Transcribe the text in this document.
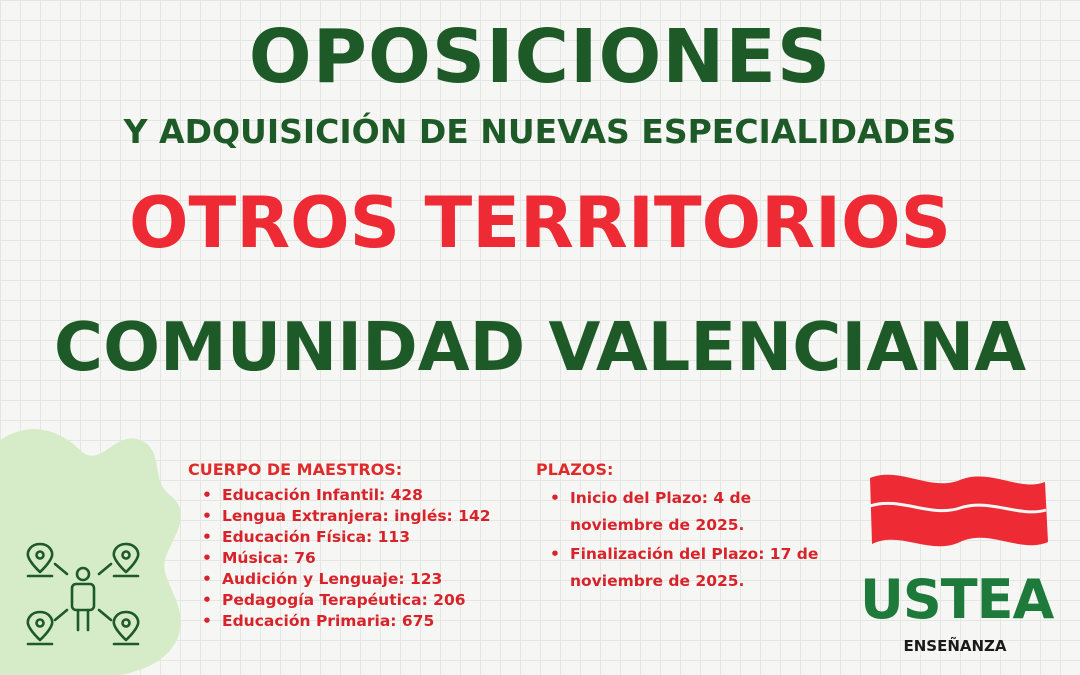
OPOSICIONES
Y ADQUISICIÓN DE NUEVAS ESPECIALIDADES
OTROS TERRITORIOS
COMUNIDAD VALENCIANA
CUERPO DE MAESTROS:
• Educación Infantil: 428
• Lengua Extranjera: inglés: 142
• Educación Física: 113
• Música: 76
• Audición y Lenguaje: 123
• Pedagogía Terapéutica: 206
• Educación Primaria: 675
PLAZOS:
• Inicio del Plazo: 4 de noviembre de 2025.
• Finalización del Plazo: 17 de noviembre de 2025.	USTEA
ENSEÑANZA
